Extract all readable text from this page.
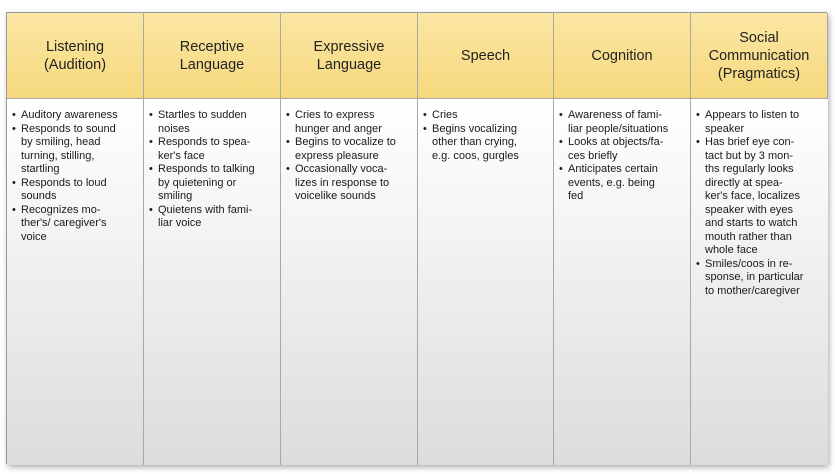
Listening
(Audition)
Receptive
Language
Expressive
Language
Speech	Cognition
Social
Communication
(Pragmatics)
• Auditory awareness
• Responds to sound
by smiling, head
turning, stilling,
startling
• Responds to loud
sounds
• Recognizes mo-
ther's/ caregiver's
voice
• Startles to sudden
noises
• Responds to spea-
ker's face
• Responds to talking
by quietening or
smiling
• Quietens with fami-
liar voice
• Cries to express
hunger and anger
• Begins to vocalize to
express pleasure
• Occasionally voca-
lizes in response to
voicelike sounds
• Cries
• Begins vocalizing
other than crying,
e.g. coos, gurgles
• Awareness of fami-
liar people/situations
• Looks at objects/fa-
ces briefly
• Anticipates certain
events, e.g. being
fed
• Appears to listen to
speaker
• Has brief eye con-
tact but by 3 mon-
ths regularly looks
directly at spea-
ker's face, localizes
speaker with eyes
and starts to watch
mouth rather than
whole face
• Smiles/coos in re-
sponse, in particular
to mother/caregiver
